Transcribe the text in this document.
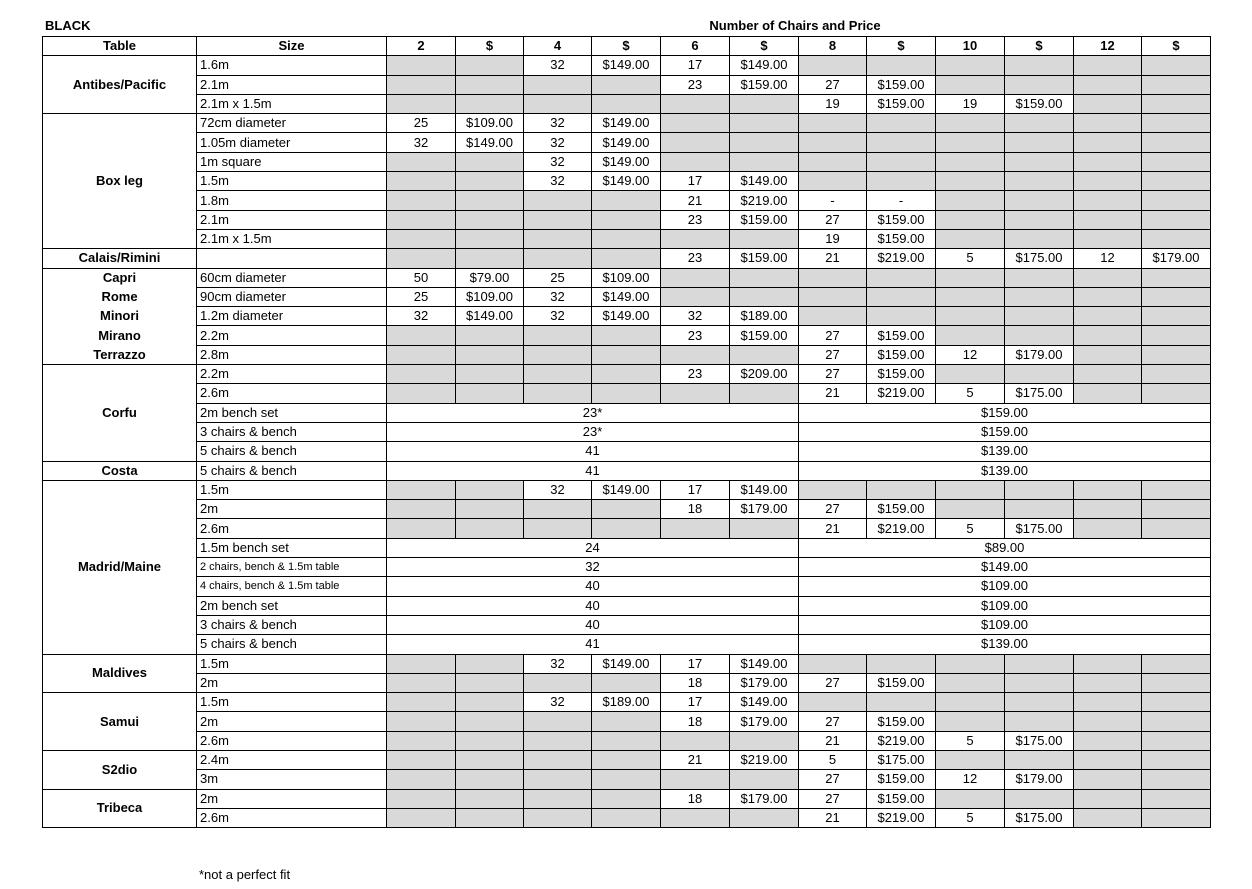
BLACK	Number of Chairs and Price
Table	Size	2	$	4	$	6	$	8	$	10	$	12	$
Antibes/Pacific	1.6m			32	$149.00	17	$149.00						
	2.1m					23	$159.00	27	$159.00				
	2.1m x 1.5m							19	$159.00	19	$159.00		
Box leg	72cm diameter	25	$109.00	32	$149.00								
	1.05m diameter	32	$149.00	32	$149.00								
	1m square			32	$149.00								
	1.5m			32	$149.00	17	$149.00						
	1.8m					21	$219.00	-	-				
	2.1m					23	$159.00	27	$159.00				
	2.1m x 1.5m							19	$159.00				
Calais/Rimini						23	$159.00	21	$219.00	5	$175.00	12	$179.00
Capri	60cm diameter	50	$79.00	25	$109.00								
Rome	90cm diameter	25	$109.00	32	$149.00								
Minori	1.2m diameter	32	$149.00	32	$149.00	32	$189.00						
Mirano	2.2m					23	$159.00	27	$159.00				
Terrazzo	2.8m							27	$159.00	12	$179.00		
Corfu	2.2m					23	$209.00	27	$159.00				
	2.6m							21	$219.00	5	$175.00		
	2m bench set	23*						$159.00					
	3 chairs & bench	23*						$159.00					
	5 chairs & bench	41						$139.00					
Costa	5 chairs & bench	41						$139.00					
Madrid/Maine	1.5m			32	$149.00	17	$149.00						
	2m					18	$179.00	27	$159.00				
	2.6m							21	$219.00	5	$175.00		
	1.5m bench set	24						$89.00					
	2 chairs, bench & 1.5m table	32						$149.00					
	4 chairs, bench & 1.5m table	40						$109.00					
	2m bench set	40						$109.00					
	3 chairs & bench	40						$109.00					
	5 chairs & bench	41						$139.00					
Maldives	1.5m			32	$149.00	17	$149.00						
	2m					18	$179.00	27	$159.00				
Samui	1.5m			32	$189.00	17	$149.00						
	2m					18	$179.00	27	$159.00				
	2.6m							21	$219.00	5	$175.00		
S2dio	2.4m					21	$219.00	5	$175.00				
	3m							27	$159.00	12	$179.00		
Tribeca	2m					18	$179.00	27	$159.00				
	2.6m							21	$219.00	5	$175.00		
*not a perfect fit
